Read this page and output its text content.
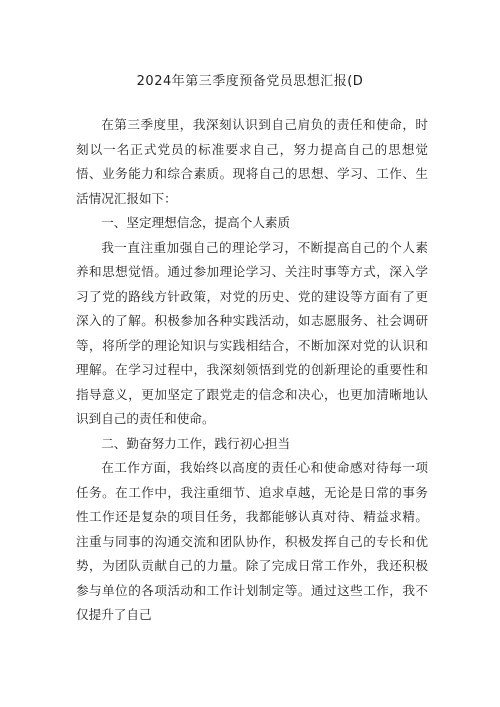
2024年第三季度预备党员思想汇报(D

在第三季度里，我深刻认识到自己肩负的责任和使命，时刻以一名正式党员的标准要求自己，努力提高自己的思想觉悟、业务能力和综合素质。现将自己的思想、学习、工作、生活情况汇报如下：

一、坚定理想信念，提高个人素质

我一直注重加强自己的理论学习，不断提高自己的个人素养和思想觉悟。通过参加理论学习、关注时事等方式，深入学习了党的路线方针政策，对党的历史、党的建设等方面有了更深入的了解。积极参加各种实践活动，如志愿服务、社会调研等，将所学的理论知识与实践相结合，不断加深对党的认识和理解。在学习过程中，我深刻领悟到党的创新理论的重要性和指导意义，更加坚定了跟党走的信念和决心，也更加清晰地认识到自己的责任和使命。

二、勤奋努力工作，践行初心担当

在工作方面，我始终以高度的责任心和使命感对待每一项任务。在工作中，我注重细节、追求卓越，无论是日常的事务性工作还是复杂的项目任务，我都能够认真对待、精益求精。注重与同事的沟通交流和团队协作，积极发挥自己的专长和优势，为团队贡献自己的力量。除了完成日常工作外，我还积极参与单位的各项活动和工作计划制定等。通过这些工作，我不仅提升了自己
